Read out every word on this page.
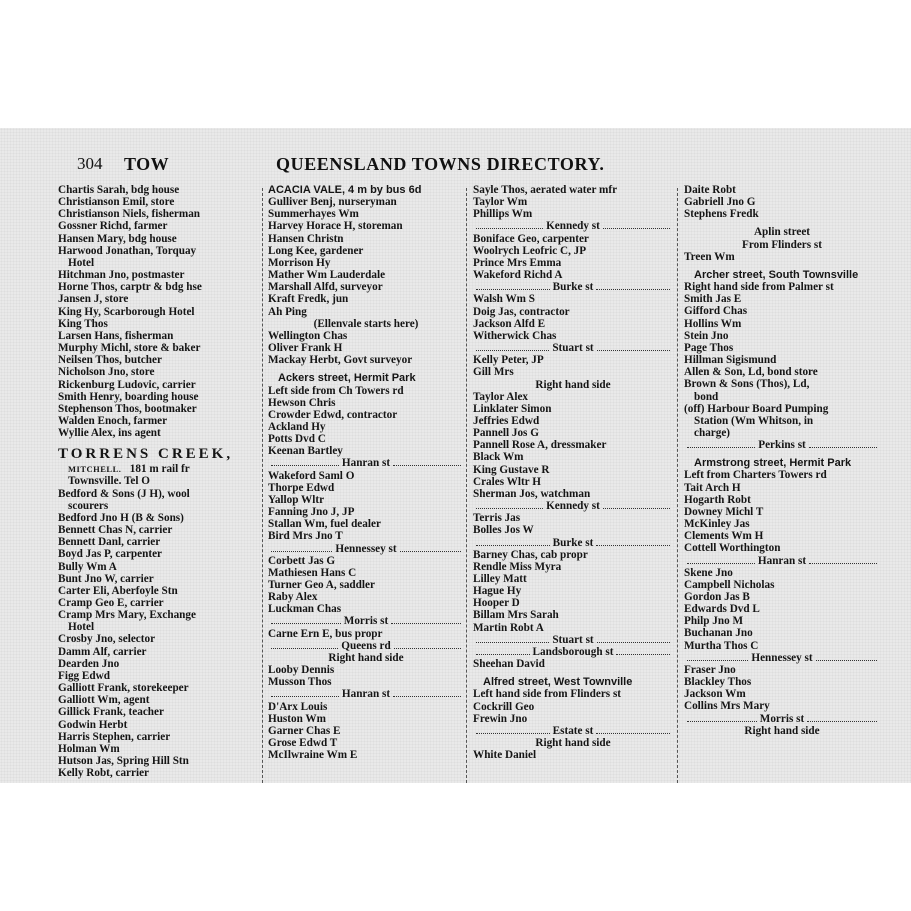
304 TOW	QUEENSLAND TOWNS DIRECTORY.
Chartis Sarah, bdg house
Christianson Emil, store
Christianson Niels, fisherman
Gossner Richd, farmer
Hansen Mary, bdg house
Harwood Jonathan, Torquay
Hotel
Hitchman Jno, postmaster
Horne Thos, carptr & bdg hse
Jansen J, store
King Hy, Scarborough Hotel
King Thos
Larsen Hans, fisherman
Murphy Michl, store & baker
Neilsen Thos, butcher
Nicholson Jno, store
Rickenburg Ludovic, carrier
Smith Henry, boarding house
Stephenson Thos, bootmaker
Walden Enoch, farmer
Wyllie Alex, ins agent
TORRENS CREEK,
MITCHELL. 181 m rail fr
Townsville. Tel O
Bedford & Sons (J H), wool
scourers
Bedford Jno H (B & Sons)
Bennett Chas N, carrier
Bennett Danl, carrier
Boyd Jas P, carpenter
Bully Wm A
Bunt Jno W, carrier
Carter Eli, Aberfoyle Stn
Cramp Geo E, carrier
Cramp Mrs Mary, Exchange
Hotel
Crosby Jno, selector
Damm Alf, carrier
Dearden Jno
Figg Edwd
Galliott Frank, storekeeper
Galliott Wm, agent
Gillick Frank, teacher
Godwin Herbt
Harris Stephen, carrier
Holman Wm
Hutson Jas, Spring Hill Stn
Kelly Robt, carrier
ACACIA VALE, 4 m by bus 6d
Gulliver Benj, nurseryman
Summerhayes Wm
Harvey Horace H, storeman
Hansen Christn
Long Kee, gardener
Morrison Hy
Mather Wm Lauderdale
Marshall Alfd, surveyor
Kraft Fredk, jun
Ah Ping
(Ellenvale starts here)
Wellington Chas
Oliver Frank H
Mackay Herbt, Govt surveyor
Ackers street, Hermit Park
Left side from Ch Towers rd
Hewson Chris
Crowder Edwd, contractor
Ackland Hy
Potts Dvd C
Keenan Bartley
Hanran st
Wakeford Saml O
Thorpe Edwd
Yallop Wltr
Fanning Jno J, JP
Stallan Wm, fuel dealer
Bird Mrs Jno T
Hennessey st
Corbett Jas G
Mathiesen Hans C
Turner Geo A, saddler
Raby Alex
Luckman Chas
Morris st
Carne Ern E, bus propr
Queens rd
Right hand side
Looby Dennis
Musson Thos
Hanran st
D'Arx Louis
Huston Wm
Garner Chas E
Grose Edwd T
McIlwraine Wm E
Sayle Thos, aerated water mfr
Taylor Wm
Phillips Wm
Kennedy st
Boniface Geo, carpenter
Woolrych Leofric C, JP
Prince Mrs Emma
Wakeford Richd A
Burke st
Walsh Wm S
Doig Jas, contractor
Jackson Alfd E
Witherwick Chas
Stuart st
Kelly Peter, JP
Gill Mrs
Right hand side
Taylor Alex
Linklater Simon
Jeffries Edwd
Pannell Jos G
Pannell Rose A, dressmaker
Black Wm
King Gustave R
Crales Wltr H
Sherman Jos, watchman
Kennedy st
Terris Jas
Bolles Jos W
Burke st
Barney Chas, cab propr
Rendle Miss Myra
Lilley Matt
Hague Hy
Hooper D
Billam Mrs Sarah
Martin Robt A
Stuart st
Landsborough st
Sheehan David
Alfred street, West Townville
Left hand side from Flinders st
Cockrill Geo
Frewin Jno
Estate st
Right hand side
White Daniel
Daite Robt
Gabriell Jno G
Stephens Fredk
Aplin street
From Flinders st
Treen Wm
Archer street, South Townsville
Right hand side from Palmer st
Smith Jas E
Gifford Chas
Hollins Wm
Stein Jno
Page Thos
Hillman Sigismund
Allen & Son, Ld, bond store
Brown & Sons (Thos), Ld,
bond
(off) Harbour Board Pumping
Station (Wm Whitson, in
charge)
Perkins st
Armstrong street, Hermit Park
Left from Charters Towers rd
Tait Arch H
Hogarth Robt
Downey Michl T
McKinley Jas
Clements Wm H
Cottell Worthington
Hanran st
Skene Jno
Campbell Nicholas
Gordon Jas B
Edwards Dvd L
Philp Jno M
Buchanan Jno
Murtha Thos C
Hennessey st
Fraser Jno
Blackley Thos
Jackson Wm
Collins Mrs Mary
Morris st
Right hand side
